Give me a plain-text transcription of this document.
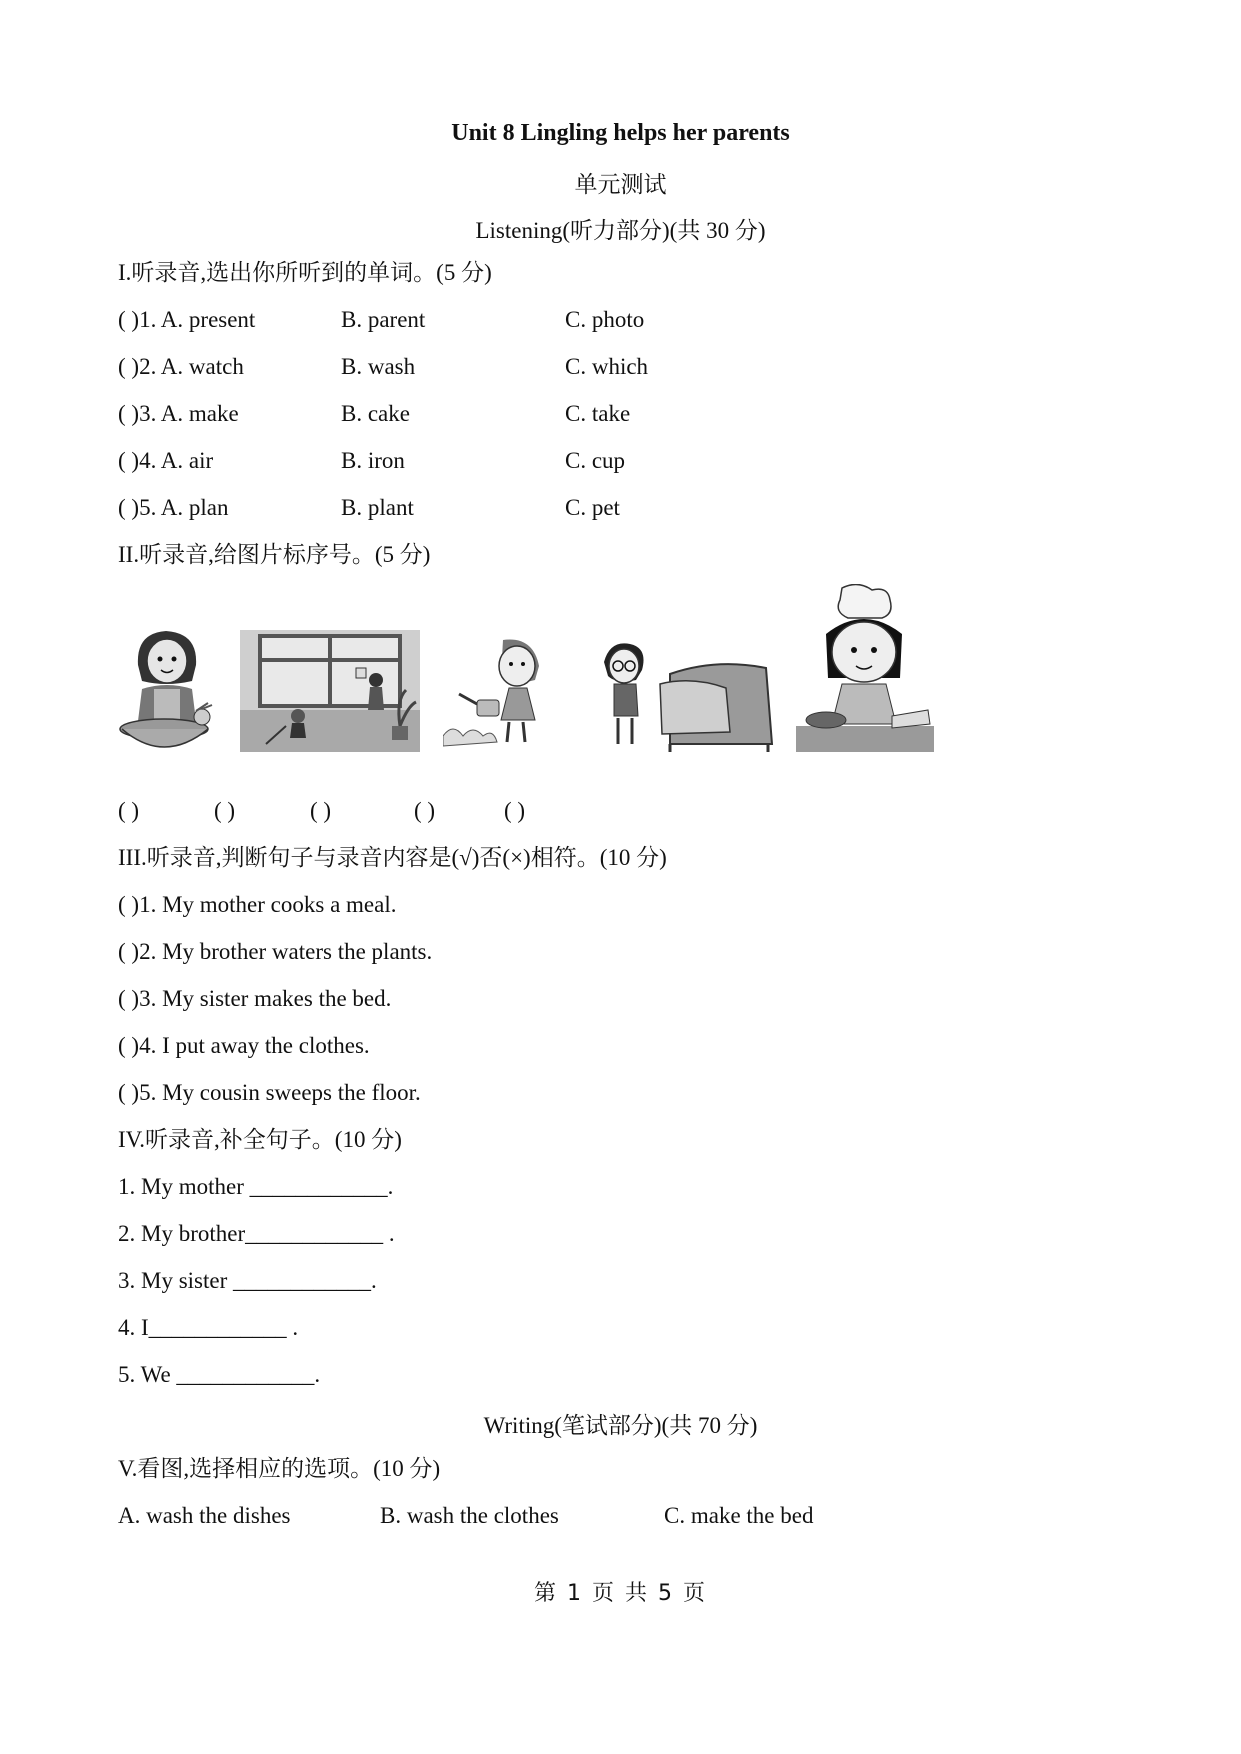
Unit 8 Lingling helps her parents
单元测试
Listening(听力部分)(共 30 分)
I.听录音,选出你所听到的单词。(5 分)
( )1. A. present	B. parent	C. photo
( )2. A. watch	B. wash	C. which
( )3. A. make	B. cake	C. take
( )4. A. air	B. iron	C. cup
( )5. A. plan	B. plant	C. pet
II.听录音,给图片标序号。(5 分)
( )	( )	( )	( )	( )
III.听录音,判断句子与录音内容是(√)否(×)相符。(10 分)
( )1. My mother cooks a meal.
( )2. My brother waters the plants.
( )3. My sister makes the bed.
( )4. I put away the clothes.
( )5. My cousin sweeps the floor.
IV.听录音,补全句子。(10 分)
1. My mother ____________.
2. My brother____________ .
3. My sister ____________.
4. I____________ .
5. We ____________.
Writing(笔试部分)(共 70 分)
V.看图,选择相应的选项。(10 分)
A. wash the dishes	B. wash the clothes	C. make the bed
第 1 页 共 5 页
